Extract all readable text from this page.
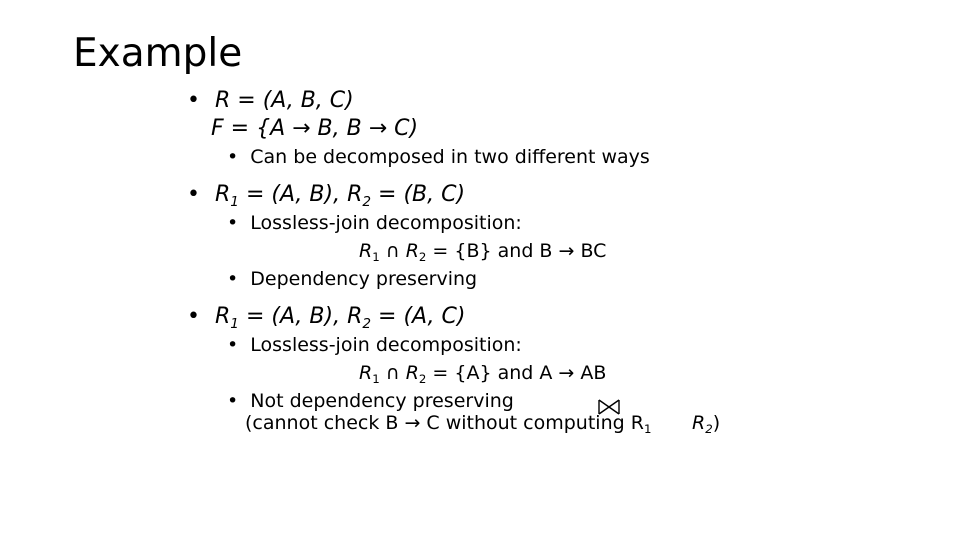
Example
• R = (A, B, C)
F = {A → B, B → C)
• Can be decomposed in two different ways
• $R_1 = (A$, B), $R_2 = (B$, C)
• Lossless-join decomposition:
$R_1$ ∩ $R_2 = \{B\}$ and B → BC
• Dependency preserving
• $R_1 = (A$, B), $R_2 = (A$, C)
• Lossless-join decomposition:
$R_1$ ∩ $R_2 = \{A\}$ and A → AB
• Not dependency preserving
(cannot check B → C without computing $R_1$ $R_2$)
